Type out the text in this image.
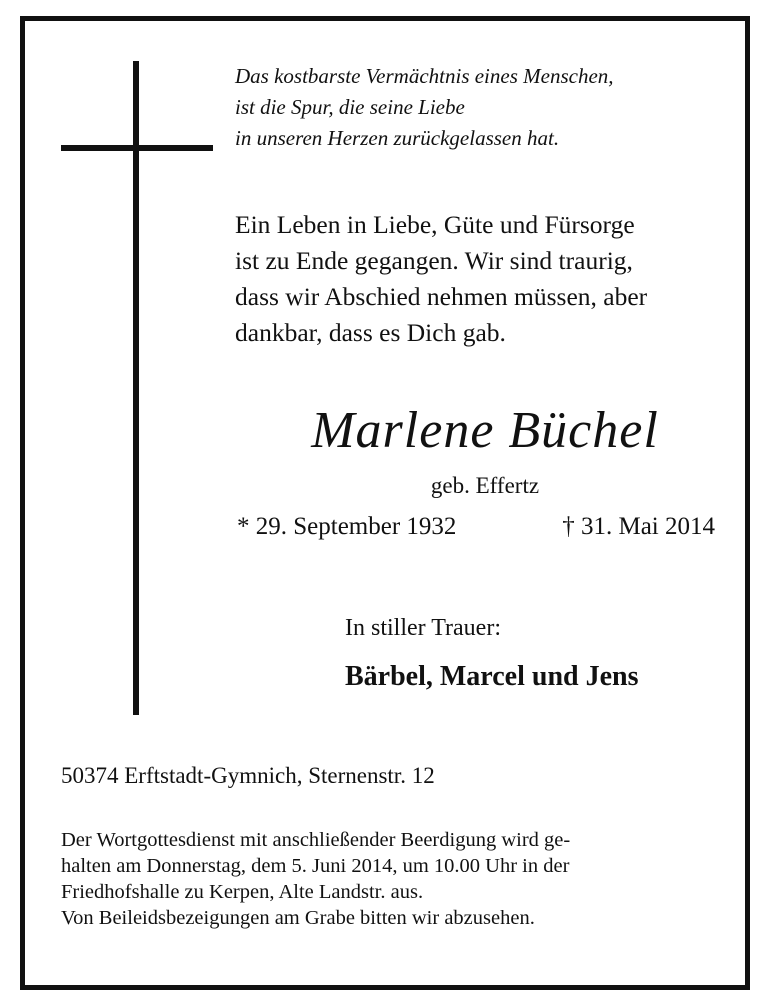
Das kostbarste Vermächtnis eines Menschen,
ist die Spur, die seine Liebe
in unseren Herzen zurückgelassen hat.
Ein Leben in Liebe, Güte und Fürsorge
ist zu Ende gegangen. Wir sind traurig,
dass wir Abschied nehmen müssen, aber
dankbar, dass es Dich gab.
Marlene Büchel
geb. Effertz
* 29. September 1932	† 31. Mai 2014
In stiller Trauer:
Bärbel, Marcel und Jens
50374 Erftstadt-Gymnich, Sternenstr. 12
Der Wortgottesdienst mit anschließender Beerdigung wird ge-
halten am Donnerstag, dem 5. Juni 2014, um 10.00 Uhr in der
Friedhofshalle zu Kerpen, Alte Landstr. aus.
Von Beileidsbezeigungen am Grabe bitten wir abzusehen.
